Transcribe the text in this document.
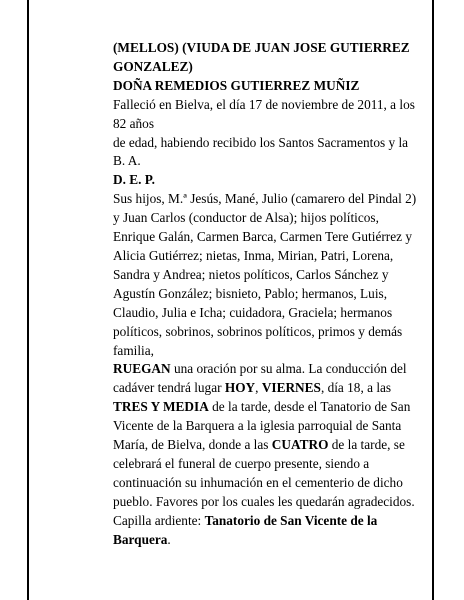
(MELLOS) (VIUDA DE JUAN JOSE GUTIERREZ GONZALEZ)

DOÑA REMEDIOS GUTIERREZ MUÑIZ

Falleció en Bielva, el día 17 de noviembre de 2011, a los 82 años

de edad, habiendo recibido los Santos Sacramentos y la B. A.

D. E. P.

Sus hijos, M.ª Jesús, Mané, Julio (camarero del Pindal 2) y Juan Carlos (conductor de Alsa); hijos políticos, Enrique Galán, Carmen Barca, Carmen Tere Gutiérrez y Alicia Gutiérrez; nietas, Inma, Mirian, Patri, Lorena, Sandra y Andrea; nietos políticos, Carlos Sánchez y Agustín González; bisnieto, Pablo; hermanos, Luis, Claudio, Julia e Icha; cuidadora, Graciela; hermanos políticos, sobrinos, sobrinos políticos, primos y demás familia,

RUEGAN una oración por su alma. La conducción del cadáver tendrá lugar HOY, VIERNES, día 18, a las TRES Y MEDIA de la tarde, desde el Tanatorio de San Vicente de la Barquera a la iglesia parroquial de Santa María, de Bielva, donde a las CUATRO de la tarde, se celebrará el funeral de cuerpo presente, siendo a continuación su inhumación en el cementerio de dicho pueblo. Favores por los cuales les quedarán agradecidos.

Capilla ardiente: Tanatorio de San Vicente de la Barquera.
